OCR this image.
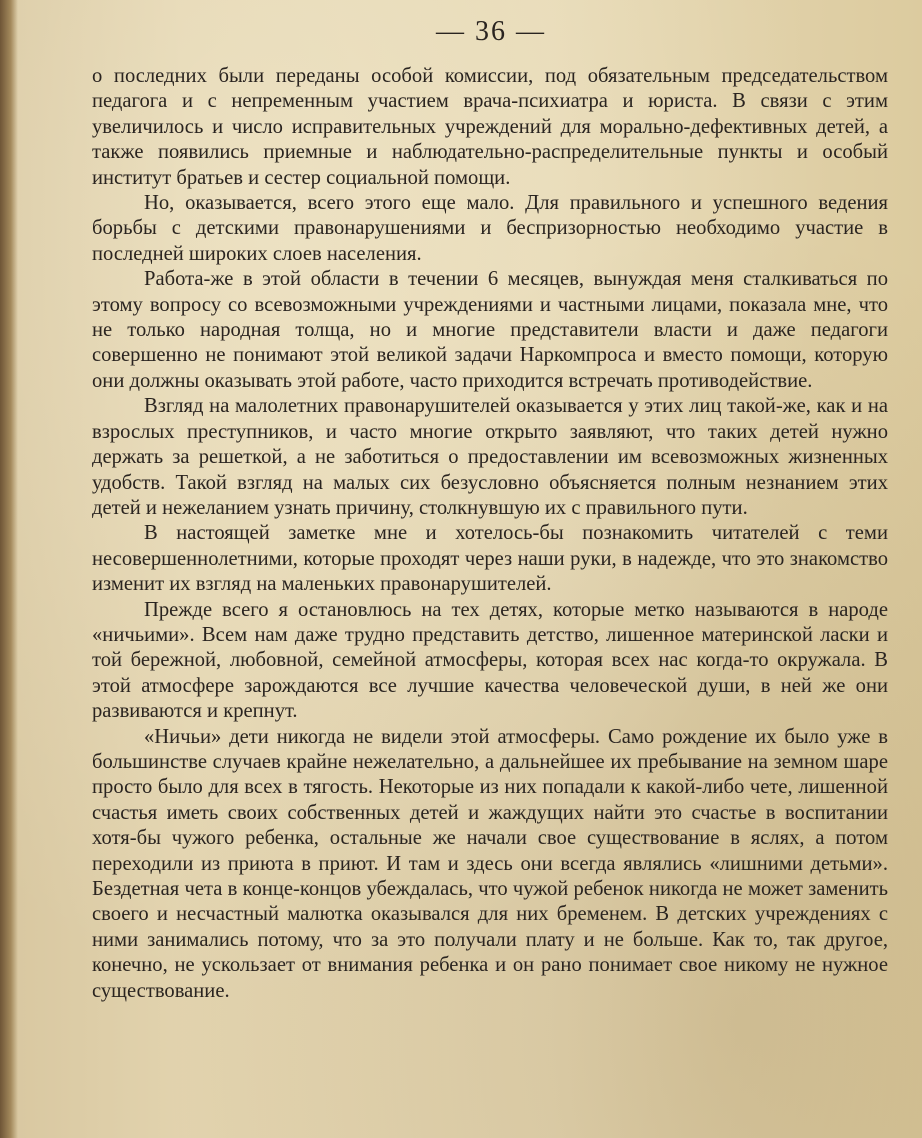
— 36 —

о последних были переданы особой комиссии, под обязательным председательством педагога и с непременным участием врача-психиатра и юриста. В связи с этим увеличилось и число исправительных учреждений для морально-дефективных детей, а также появились приемные и наблюдательно-распределительные пункты и особый институт братьев и сестер социальной помощи.

Но, оказывается, всего этого еще мало. Для правильного и успешного ведения борьбы с детскими правонарушениями и беспризорностью необходимо участие в последней широких слоев населения.

Работа-же в этой области в течении 6 месяцев, вынуждая меня сталкиваться по этому вопросу со всевозможными учреждениями и частными лицами, показала мне, что не только народная толща, но и многие представители власти и даже педагоги совершенно не понимают этой великой задачи Наркомпроса и вместо помощи, которую они должны оказывать этой работе, часто приходится встречать противодействие.

Взгляд на малолетних правонарушителей оказывается у этих лиц такой-же, как и на взрослых преступников, и часто многие открыто заявляют, что таких детей нужно держать за решеткой, а не заботиться о предоставлении им всевозможных жизненных удобств. Такой взгляд на малых сих безусловно объясняется полным незнанием этих детей и нежеланием узнать причину, столкнувшую их с правильного пути.

В настоящей заметке мне и хотелось-бы познакомить читателей с теми несовершеннолетними, которые проходят через наши руки, в надежде, что это знакомство изменит их взгляд на маленьких правонарушителей.

Прежде всего я остановлюсь на тех детях, которые метко называются в народе «ничьими». Всем нам даже трудно представить детство, лишенное материнской ласки и той бережной, любовной, семейной атмосферы, которая всех нас когда-то окружала. В этой атмосфере зарождаются все лучшие качества человеческой души, в ней же они развиваются и крепнут.

«Ничьи» дети никогда не видели этой атмосферы. Само рождение их было уже в большинстве случаев крайне нежелательно, а дальнейшее их пребывание на земном шаре просто было для всех в тягость. Некоторые из них попадали к какой-либо чете, лишенной счастья иметь своих собственных детей и жаждущих найти это счастье в воспитании хотя-бы чужого ребенка, остальные же начали свое существование в яслях, а потом переходили из приюта в приют. И там и здесь они всегда являлись «лишними детьми». Бездетная чета в конце-концов убеждалась, что чужой ребенок никогда не может заменить своего и несчастный малютка оказывался для них бременем. В детских учреждениях с ними занимались потому, что за это получали плату и не больше. Как то, так другое, конечно, не ускользает от внимания ребенка и он рано понимает свое никому не нужное существование.
